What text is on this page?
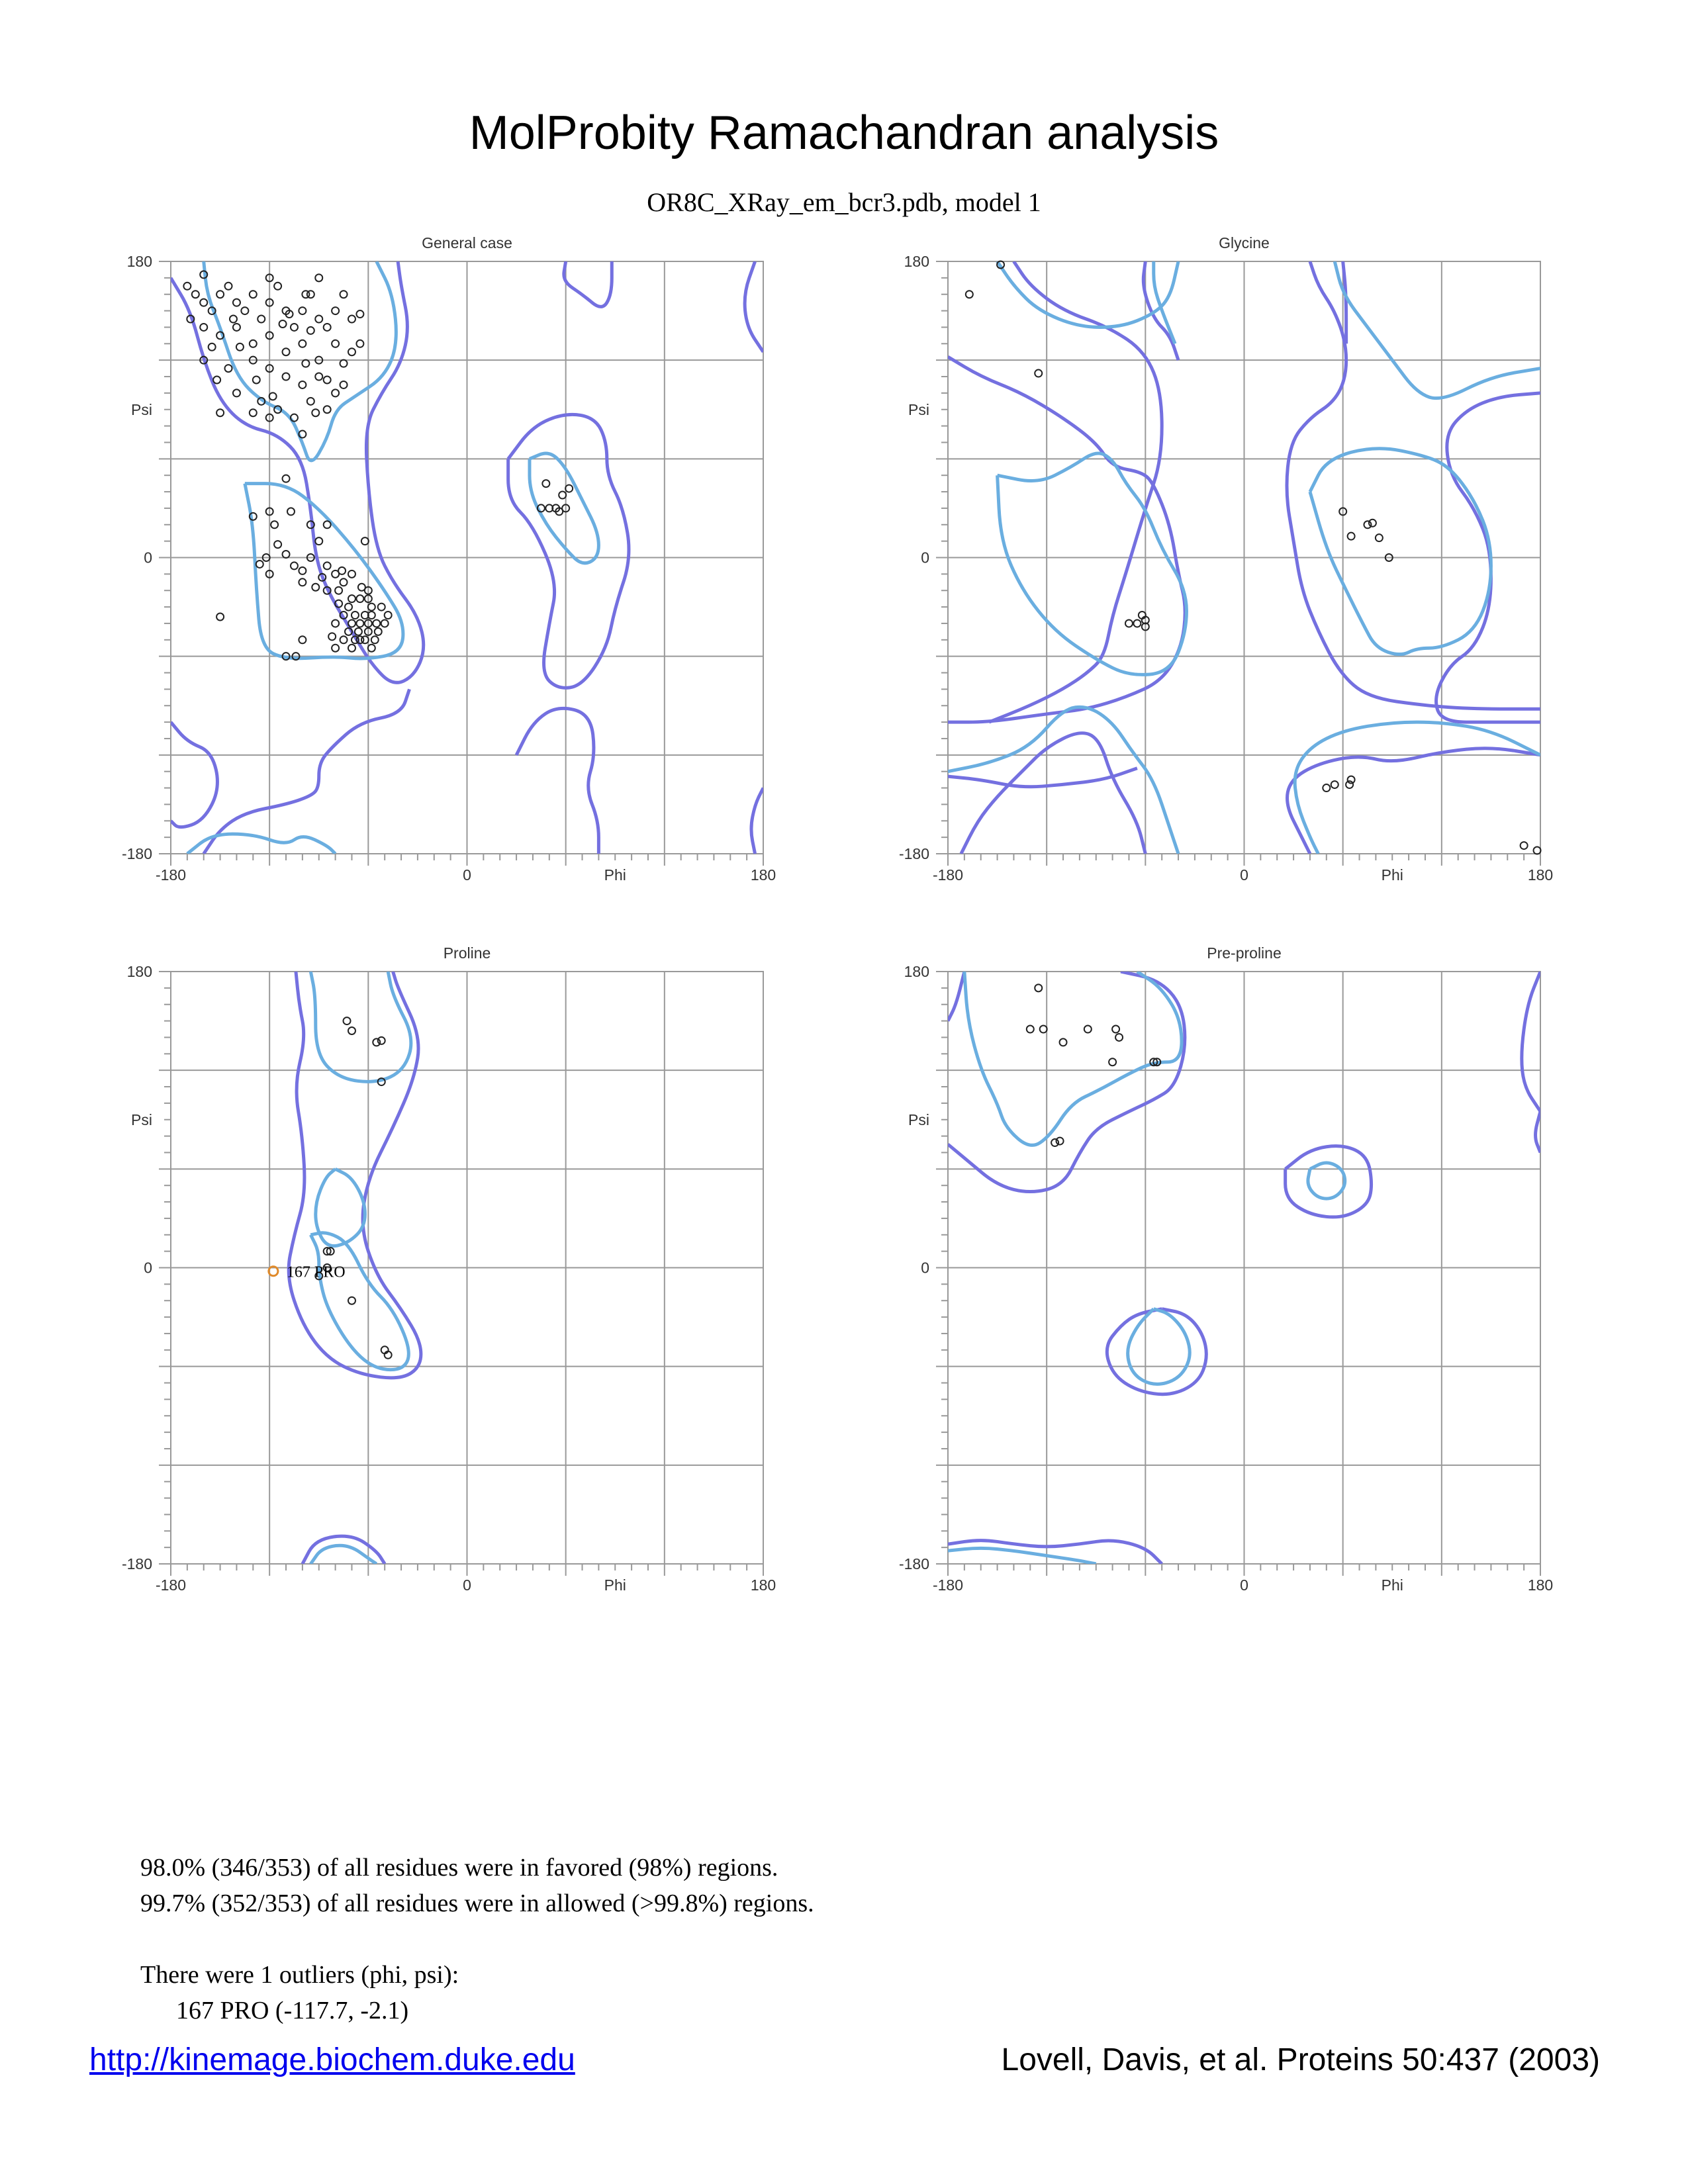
MolProbity Ramachandran analysis
OR8C_XRay_em_bcr3.pdb, model 1
General case
-180	0	180
180
0
-180
Phi
Psi
Glycine
-180	0	180
180
0
-180
Phi
Psi
Proline
-180	0	180
180
0
-180
Phi
Psi
167 PRO
Pre-proline
-180	0	180
180
0
-180
Phi
Psi
98.0% (346/353) of all residues were in favored (98%) regions.
99.7% (352/353) of all residues were in allowed (>99.8%) regions.
There were 1 outliers (phi, psi):
167 PRO (-117.7, -2.1)
http://kinemage.biochem.duke.edu	Lovell, Davis, et al. Proteins 50:437 (2003)
